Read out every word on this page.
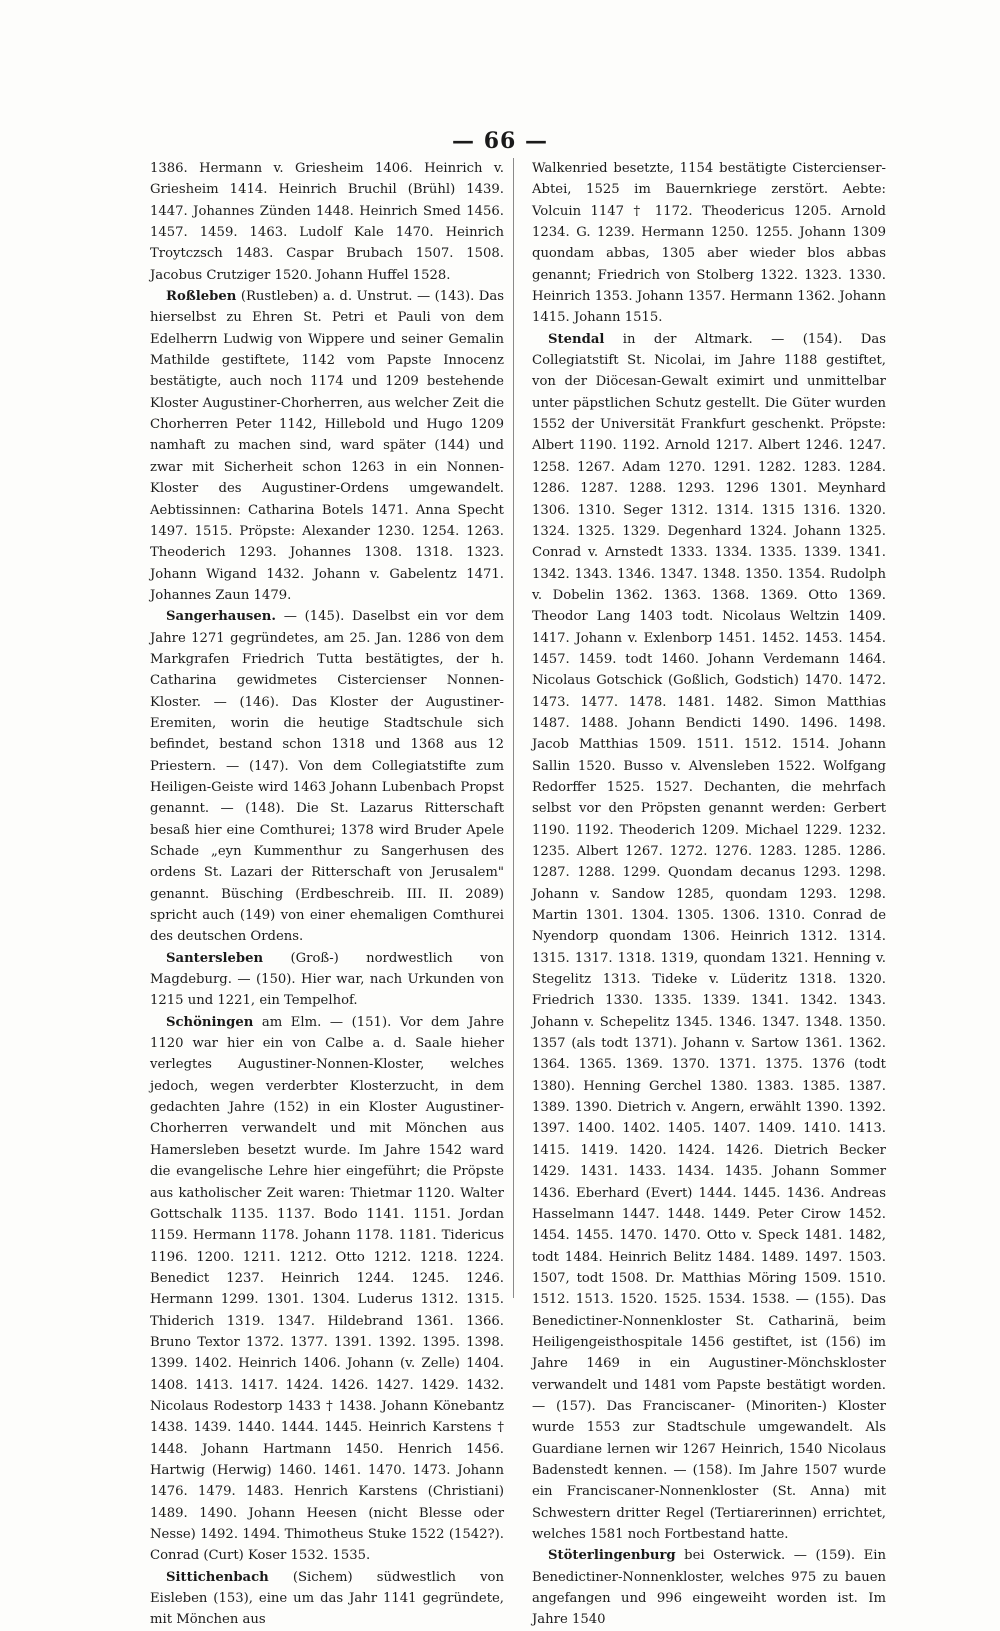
— 66 —

1386. Hermann v. Griesheim 1406. Heinrich v. Griesheim 1414. Heinrich Bruchil (Brühl) 1439. 1447. Johannes Zünden 1448. Heinrich Smed 1456. 1457. 1459. 1463. Ludolf Kale 1470. Heinrich Troytczsch 1483. Caspar Brubach 1507. 1508. Jacobus Crutziger 1520. Johann Huffel 1528.

Roßleben (Rustleben) a. d. Unstrut. — (143). Das hierselbst zu Ehren St. Petri et Pauli von dem Edelherrn Ludwig von Wippere und seiner Gemalin Mathilde gestiftete, 1142 vom Papste Innocenz bestätigte, auch noch 1174 und 1209 bestehende Kloster Augustiner-Chorherren, aus welcher Zeit die Chorherren Peter 1142, Hillebold und Hugo 1209 namhaft zu machen sind, ward später (144) und zwar mit Sicherheit schon 1263 in ein Nonnen-Kloster des Augustiner-Ordens umgewandelt. Aebtissinnen: Catharina Botels 1471. Anna Specht 1497. 1515. Pröpste: Alexander 1230. 1254. 1263. Theoderich 1293. Johannes 1308. 1318. 1323. Johann Wigand 1432. Johann v. Gabelentz 1471. Johannes Zaun 1479.

Sangerhausen. — (145). Daselbst ein vor dem Jahre 1271 gegründetes, am 25. Jan. 1286 von dem Markgrafen Friedrich Tutta bestätigtes, der h. Catharina gewidmetes Cistercienser Nonnen-Kloster. — (146). Das Kloster der Augustiner-Eremiten, worin die heutige Stadtschule sich befindet, bestand schon 1318 und 1368 aus 12 Priestern. — (147). Von dem Collegiatstifte zum Heiligen-Geiste wird 1463 Johann Lubenbach Propst genannt. — (148). Die St. Lazarus Ritterschaft besaß hier eine Comthurei; 1378 wird Bruder Apele Schade „eyn Kummenthur zu Sangerhusen des ordens St. Lazari der Ritterschaft von Jerusalem" genannt. Büsching (Erdbeschreib. III. II. 2089) spricht auch (149) von einer ehemaligen Comthurei des deutschen Ordens.

Santersleben (Groß-) nordwestlich von Magdeburg. — (150). Hier war, nach Urkunden von 1215 und 1221, ein Tempelhof.

Schöningen am Elm. — (151). Vor dem Jahre 1120 war hier ein von Calbe a. d. Saale hieher verlegtes Augustiner-Nonnen-Kloster, welches jedoch, wegen verderbter Klosterzucht, in dem gedachten Jahre (152) in ein Kloster Augustiner-Chorherren verwandelt und mit Mönchen aus Hamersleben besetzt wurde. Im Jahre 1542 ward die evangelische Lehre hier eingeführt; die Pröpste aus katholischer Zeit waren: Thietmar 1120. Walter Gottschalk 1135. 1137. Bodo 1141. 1151. Jordan 1159. Hermann 1178. Johann 1178. 1181. Tidericus 1196. 1200. 1211. 1212. Otto 1212. 1218. 1224. Benedict 1237. Heinrich 1244. 1245. 1246. Hermann 1299. 1301. 1304. Luderus 1312. 1315. Thiderich 1319. 1347. Hildebrand 1361. 1366. Bruno Textor 1372. 1377. 1391. 1392. 1395. 1398. 1399. 1402. Heinrich 1406. Johann (v. Zelle) 1404. 1408. 1413. 1417. 1424. 1426. 1427. 1429. 1432. Nicolaus Rodestorp 1433 † 1438. Johann Könebantz 1438. 1439. 1440. 1444. 1445. Heinrich Karstens † 1448. Johann Hartmann 1450. Henrich 1456. Hartwig (Herwig) 1460. 1461. 1470. 1473. Johann 1476. 1479. 1483. Henrich Karstens (Christiani) 1489. 1490. Johann Heesen (nicht Blesse oder Nesse) 1492. 1494. Thimotheus Stuke 1522 (1542?). Conrad (Curt) Koser 1532. 1535.

Sittichenbach (Sichem) südwestlich von Eisleben (153), eine um das Jahr 1141 gegründete, mit Mönchen aus

Walkenried besetzte, 1154 bestätigte Cistercienser-Abtei, 1525 im Bauernkriege zerstört. Aebte: Volcuin 1147 † 1172. Theodericus 1205. Arnold 1234. G. 1239. Hermann 1250. 1255. Johann 1309 quondam abbas, 1305 aber wieder blos abbas genannt; Friedrich von Stolberg 1322. 1323. 1330. Heinrich 1353. Johann 1357. Hermann 1362. Johann 1415. Johann 1515.

Stendal in der Altmark. — (154). Das Collegiatstift St. Nicolai, im Jahre 1188 gestiftet, von der Diöcesan-Gewalt eximirt und unmittelbar unter päpstlichen Schutz gestellt. Die Güter wurden 1552 der Universität Frankfurt geschenkt. Pröpste: Albert 1190. 1192. Arnold 1217. Albert 1246. 1247. 1258. 1267. Adam 1270. 1291. 1282. 1283. 1284. 1286. 1287. 1288. 1293. 1296 1301. Meynhard 1306. 1310. Seger 1312. 1314. 1315 1316. 1320. 1324. 1325. 1329. Degenhard 1324. Johann 1325. Conrad v. Arnstedt 1333. 1334. 1335. 1339. 1341. 1342. 1343. 1346. 1347. 1348. 1350. 1354. Rudolph v. Dobelin 1362. 1363. 1368. 1369. Otto 1369. Theodor Lang 1403 todt. Nicolaus Weltzin 1409. 1417. Johann v. Exlenborp 1451. 1452. 1453. 1454. 1457. 1459. todt 1460. Johann Verdemann 1464. Nicolaus Gotschick (Goßlich, Godstich) 1470. 1472. 1473. 1477. 1478. 1481. 1482. Simon Matthias 1487. 1488. Johann Bendicti 1490. 1496. 1498. Jacob Matthias 1509. 1511. 1512. 1514. Johann Sallin 1520. Busso v. Alvensleben 1522. Wolfgang Redorffer 1525. 1527. Dechanten, die mehrfach selbst vor den Pröpsten genannt werden: Gerbert 1190. 1192. Theoderich 1209. Michael 1229. 1232. 1235. Albert 1267. 1272. 1276. 1283. 1285. 1286. 1287. 1288. 1299. Quondam decanus 1293. 1298. Johann v. Sandow 1285, quondam 1293. 1298. Martin 1301. 1304. 1305. 1306. 1310. Conrad de Nyendorp quondam 1306. Heinrich 1312. 1314. 1315. 1317. 1318. 1319, quondam 1321. Henning v. Stegelitz 1313. Tideke v. Lüderitz 1318. 1320. Friedrich 1330. 1335. 1339. 1341. 1342. 1343. Johann v. Schepelitz 1345. 1346. 1347. 1348. 1350. 1357 (als todt 1371). Johann v. Sartow 1361. 1362. 1364. 1365. 1369. 1370. 1371. 1375. 1376 (todt 1380). Henning Gerchel 1380. 1383. 1385. 1387. 1389. 1390. Dietrich v. Angern, erwählt 1390. 1392. 1397. 1400. 1402. 1405. 1407. 1409. 1410. 1413. 1415. 1419. 1420. 1424. 1426. Dietrich Becker 1429. 1431. 1433. 1434. 1435. Johann Sommer 1436. Eberhard (Evert) 1444. 1445. 1436. Andreas Hasselmann 1447. 1448. 1449. Peter Cirow 1452. 1454. 1455. 1470. 1470. Otto v. Speck 1481. 1482, todt 1484. Heinrich Belitz 1484. 1489. 1497. 1503. 1507, todt 1508. Dr. Matthias Möring 1509. 1510. 1512. 1513. 1520. 1525. 1534. 1538. — (155). Das Benedictiner-Nonnenkloster St. Catharinä, beim Heiligengeisthospitale 1456 gestiftet, ist (156) im Jahre 1469 in ein Augustiner-Mönchskloster verwandelt und 1481 vom Papste bestätigt worden. — (157). Das Franciscaner- (Minoriten-) Kloster wurde 1553 zur Stadtschule umgewandelt. Als Guardiane lernen wir 1267 Heinrich, 1540 Nicolaus Badenstedt kennen. — (158). Im Jahre 1507 wurde ein Franciscaner-Nonnenkloster (St. Anna) mit Schwestern dritter Regel (Tertiarerinnen) errichtet, welches 1581 noch Fortbestand hatte.

Stöterlingenburg bei Osterwick. — (159). Ein Benedictiner-Nonnenkloster, welches 975 zu bauen angefangen und 996 eingeweiht worden ist. Im Jahre 1540
